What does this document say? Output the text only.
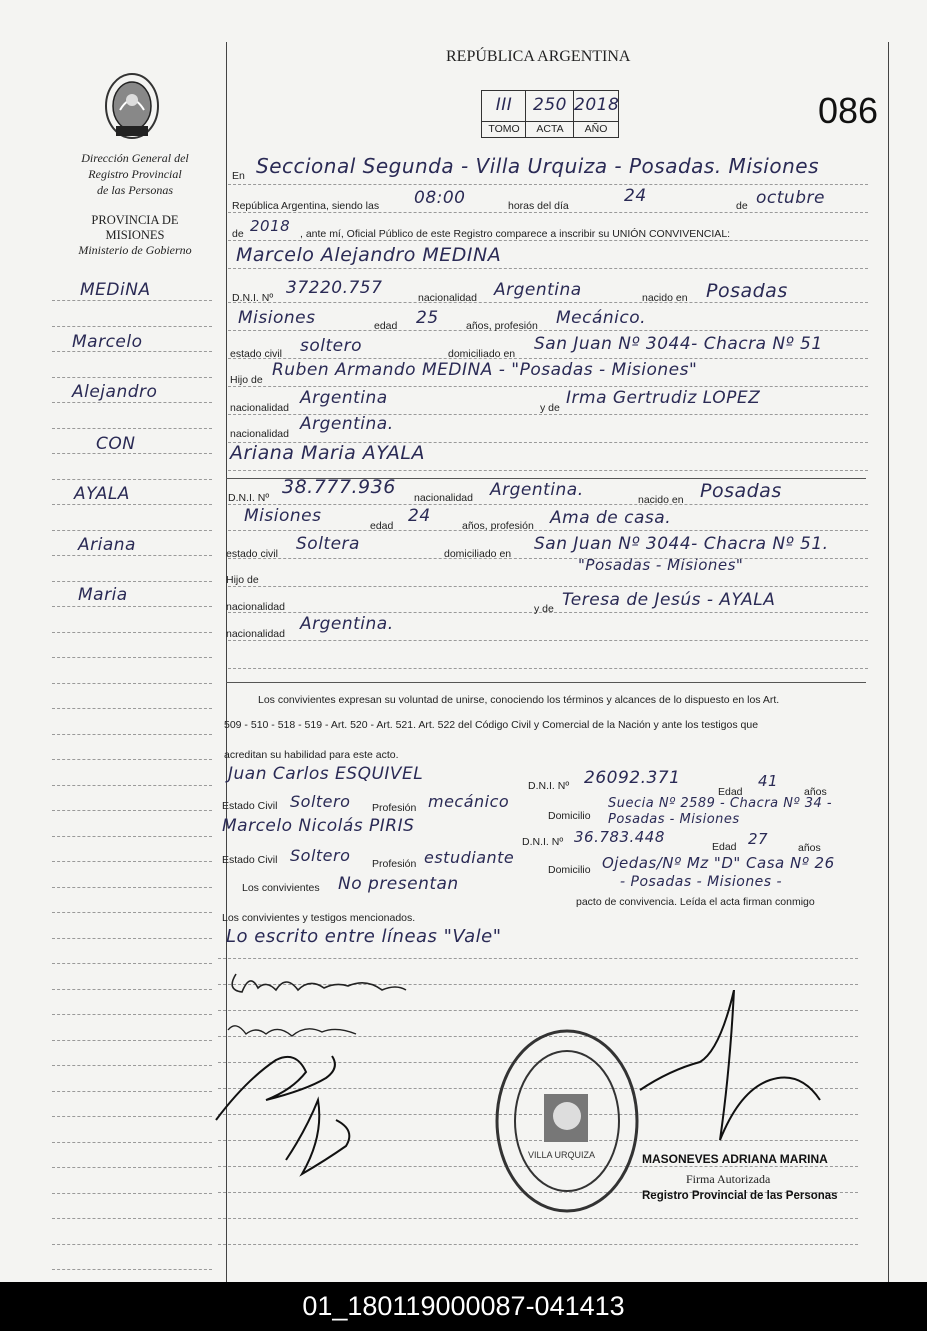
Dirección General del
Registro Provincial
de las Personas
PROVINCIA DE
MISIONES
Ministerio de Gobierno
MEDiNA
Marcelo
Alejandro
CON
AYALA
Ariana
Maria
REPÚBLICA ARGENTINA
III	250 2018
TOMO	ACTA	AÑO	086
En Seccional Segunda - Villa Urquiza - Posadas. Misiones
República Argentina, siendo las 08:00	horas del día	24	de octubre
de 2018 , ante mí, Oficial Público de este Registro comparece a inscribir su UNIÓN CONVIVENCIAL:
Marcelo Alejandro MEDINA
D.N.I. Nº 37220.757	nacionalidad Argentina	nacido en Posadas
Misiones	edad 25	años, profesión Mecánico.
estado civil soltero	domiciliado en San Juan Nº 3044- Chacra Nº 51
Hijo de Ruben Armando MEDINA - "Posadas - Misiones"
nacionalidad Argentina	y de Irma Gertrudiz LOPEZ
nacionalidad Argentina.
Ariana Maria AYALA
D.N.I. Nº 38.777.936 nacionalidad Argentina.	nacido en Posadas
Misiones	edad 24	años, profesión Ama de casa.
estado civil Soltera	domiciliado en San Juan Nº 3044- Chacra Nº 51.
"Posadas - Misiones"
Hijo de
nacionalidad	y de Teresa de Jesús - AYALA
nacionalidad Argentina.
Los convivientes expresan su voluntad de unirse, conociendo los términos y alcances de lo dispuesto en los Art.
509 - 510 - 518 - 519 - Art. 520 - Art. 521. Art. 522 del Código Civil y Comercial de la Nación y ante los testigos que
acreditan su habilidad para este acto.
Juan Carlos ESQUIVEL
D.N.I. Nº 26092.371
Edad
41
años
Estado Civil Soltero Profesión mecánico
Domicilio
Suecia Nº 2589 - Chacra Nº 34 - Posadas - Misiones
Marcelo Nicolás PIRIS
D.N.I. Nº 36.783.448
Edad 27	años
Estado Civil Soltero Profesión estudiante
Domicilio Ojedas/Nº Mz "D" Casa Nº 26
- Posadas - Misiones -
Los convivientes No presentan
pacto de convivencia. Leída el acta firman conmigo
Los convivientes y testigos mencionados.
Lo escrito entre líneas "Vale"
VILLA URQUIZA	MASONEVES ADRIANA MARINA
Firma Autorizada
Registro Provincial de las Personas
01_180119000087-041413
